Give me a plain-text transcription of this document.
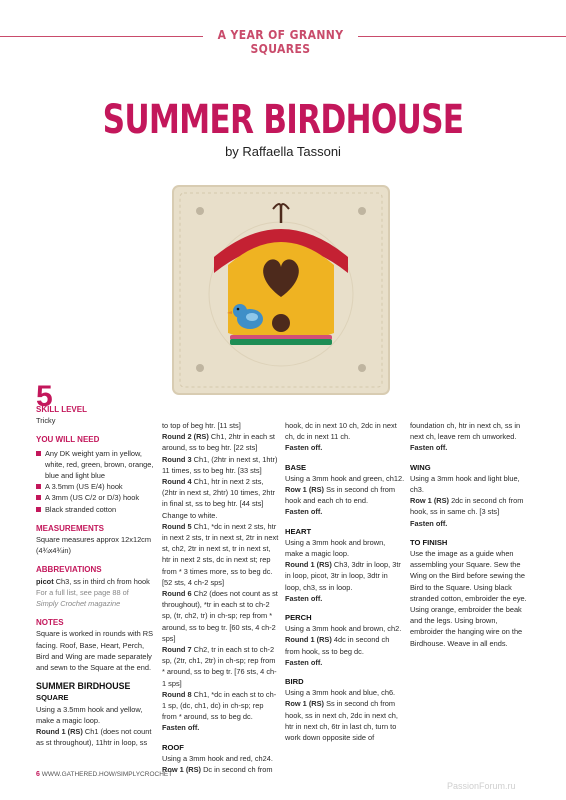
A YEAR OF GRANNY SQUARES
SUMMER BIRDHOUSE
by Raffaella Tassoni
5

SKILL LEVEL

Tricky

YOU WILL NEED

Any DK weight yarn in yellow, white, red, green, brown, orange, blue and light blue
A 3.5mm (US E/4) hook
A 3mm (US C/2 or D/3) hook
Black stranded cotton

MEASUREMENTS

Square measures approx 12x12cm (4¾x4¾in)

ABBREVIATIONS

picot Ch3, ss in third ch from hook

For a full list, see page 88 of

Simply Crochet magazine

NOTES

Square is worked in rounds with RS facing. Roof, Base, Heart, Perch, Bird and Wing are made separately and sewn to the Square at the end.

SUMMER BIRDHOUSE

SQUARE

Using a 3.5mm hook and yellow, make a magic loop.

Round 1 (RS) Ch1 (does not count as st throughout), 11htr in loop, ss

to top of beg htr. [11 sts]

Round 2 (RS) Ch1, 2htr in each st around, ss to beg htr. [22 sts]

Round 3 Ch1, (2htr in next st, 1htr) 11 times, ss to beg htr. [33 sts]

Round 4 Ch1, htr in next 2 sts, (2htr in next st, 2htr) 10 times, 2htr in final st, ss to beg htr. [44 sts] Change to white.

Round 5 Ch1, *dc in next 2 sts, htr in next 2 sts, tr in next st, 2tr in next st, ch2, 2tr in next st, tr in next st, htr in next 2 sts, dc in next st; rep from * 3 times more, ss to beg dc. [52 sts, 4 ch-2 sps]

Round 6 Ch2 (does not count as st throughout), *tr in each st to ch-2 sp, (tr, ch2, tr) in ch-sp; rep from * around, ss to beg tr. [60 sts, 4 ch-2 sps]

Round 7 Ch2, tr in each st to ch-2 sp, (2tr, ch1, 2tr) in ch-sp; rep from * around, ss to beg tr. [76 sts, 4 ch-1 sps]

Round 8 Ch1, *dc in each st to ch-1 sp, (dc, ch1, dc) in ch-sp; rep from * around, ss to beg dc.

Fasten off.

ROOF

Using a 3mm hook and red, ch24.

Row 1 (RS) Dc in second ch from

hook, dc in next 10 ch, 2dc in next ch, dc in next 11 ch.

Fasten off.

BASE

Using a 3mm hook and green, ch12.

Row 1 (RS) Ss in second ch from hook and each ch to end.

Fasten off.

HEART

Using a 3mm hook and brown, make a magic loop.

Round 1 (RS) Ch3, 3dtr in loop, 3tr in loop, picot, 3tr in loop, 3dtr in loop, ch3, ss in loop.

Fasten off.

PERCH

Using a 3mm hook and brown, ch2.

Round 1 (RS) 4dc in second ch from hook, ss to beg dc.

Fasten off.

BIRD

Using a 3mm hook and blue, ch6.

Row 1 (RS) Ss in second ch from hook, ss in next ch, 2dc in next ch, htr in next ch, 6tr in last ch, turn to work down opposite side of

foundation ch, htr in next ch, ss in next ch, leave rem ch unworked.

Fasten off.

WING

Using a 3mm hook and light blue, ch3.

Row 1 (RS) 2dc in second ch from hook, ss in same ch. [3 sts]

Fasten off.

TO FINISH

Use the image as a guide when assembling your Square. Sew the Wing on the Bird before sewing the Bird to the Square. Using black stranded cotton, embroider the eye. Using orange, embroider the beak and the legs. Using brown, embroider the hanging wire on the Birdhouse. Weave in all ends.

6 WWW.GATHERED.HOW/SIMPLYCROCHET
PassionForum.ru
